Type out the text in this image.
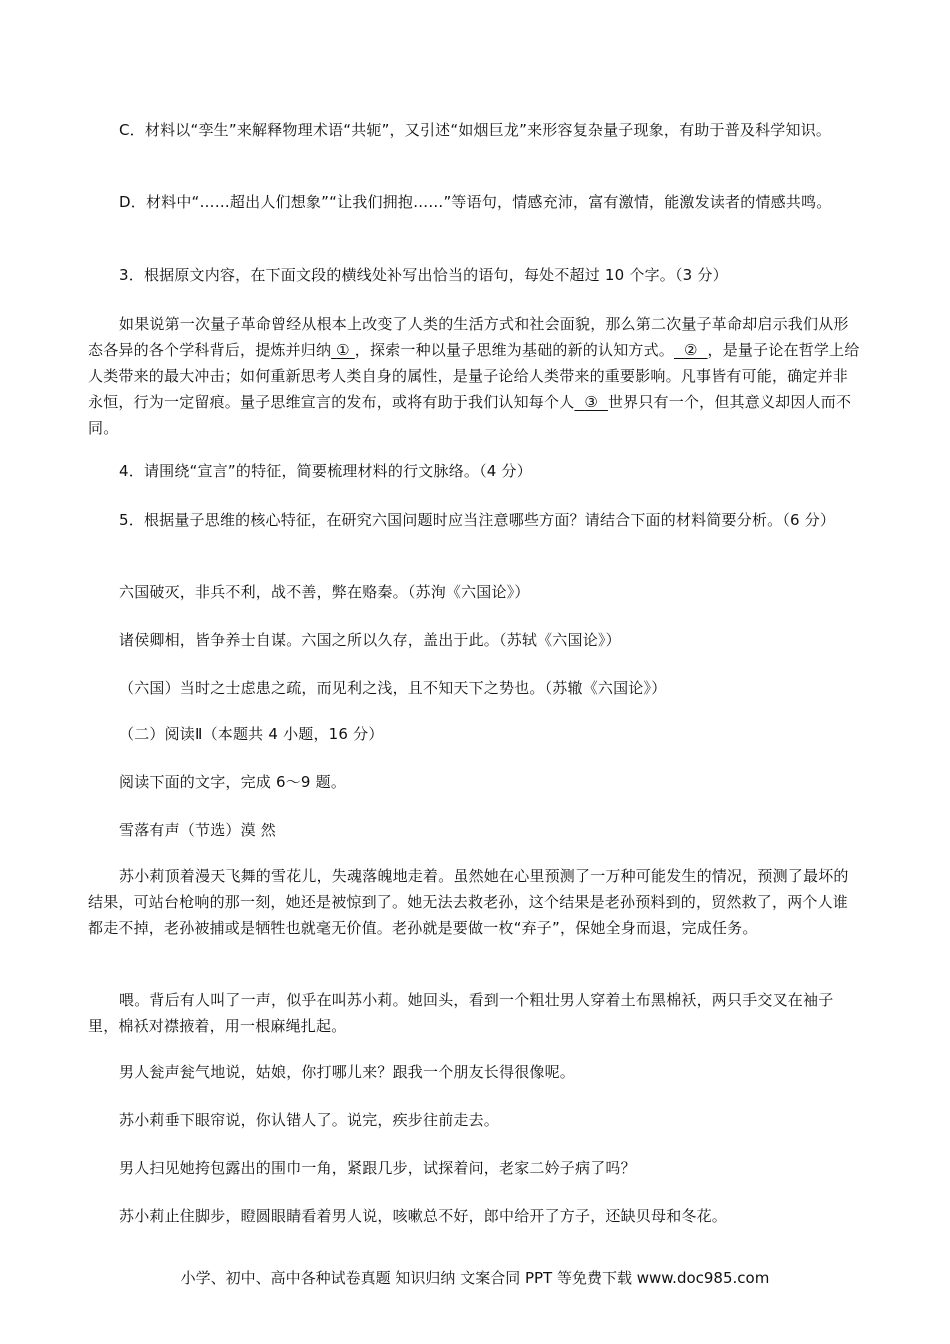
C．材料以“孪生”来解释物理术语“共轭”，又引述“如烟巨龙”来形容复杂量子现象，有助于普及科学知识。

D．材料中“……超出人们想象”“让我们拥抱……”等语句，情感充沛，富有激情，能激发读者的情感共鸣。

3．根据原文内容，在下面文段的横线处补写出恰当的语句，每处不超过 10 个字。（3 分）

如果说第一次量子革命曾经从根本上改变了人类的生活方式和社会面貌，那么第二次量子革命却启示我们从形态各异的各个学科背后，提炼并归纳 ① ，探索一种以量子思维为基础的新的认知方式。 ② ，是量子论在哲学上给人类带来的最大冲击；如何重新思考人类自身的属性，是量子论给人类带来的重要影响。凡事皆有可能，确定并非永恒，行为一定留痕。量子思维宣言的发布，或将有助于我们认知每个人 ③ 世界只有一个，但其意义却因人而不同。

4．请围绕“宣言”的特征，简要梳理材料的行文脉络。（4 分）

5．根据量子思维的核心特征，在研究六国问题时应当注意哪些方面？请结合下面的材料简要分析。（6 分）

六国破灭，非兵不利，战不善，弊在赂秦。（苏洵《六国论》）

诸侯卿相，皆争养士自谋。六国之所以久存，盖出于此。（苏轼《六国论》）

（六国）当时之士虑患之疏，而见利之浅，且不知天下之势也。（苏辙《六国论》）

（二）阅读Ⅱ（本题共 4 小题，16 分）

阅读下面的文字，完成 6～9 题。

雪落有声（节选）漠 然

苏小莉顶着漫天飞舞的雪花儿，失魂落魄地走着。虽然她在心里预测了一万种可能发生的情况，预测了最坏的结果，可站台枪响的那一刻，她还是被惊到了。她无法去救老孙，这个结果是老孙预料到的，贸然救了，两个人谁都走不掉，老孙被捕或是牺牲也就毫无价值。老孙就是要做一枚“弃子”，保她全身而退，完成任务。

喂。背后有人叫了一声，似乎在叫苏小莉。她回头，看到一个粗壮男人穿着土布黑棉袄，两只手交叉在袖子里，棉袄对襟掖着，用一根麻绳扎起。

男人瓮声瓮气地说，姑娘，你打哪儿来？跟我一个朋友长得很像呢。

苏小莉垂下眼帘说，你认错人了。说完，疾步往前走去。

男人扫见她挎包露出的围巾一角，紧跟几步，试探着问，老家二妗子病了吗？

苏小莉止住脚步，瞪圆眼睛看着男人说，咳嗽总不好，郎中给开了方子，还缺贝母和冬花。

小学、初中、高中各种试卷真题 知识归纳 文案合同 PPT 等免费下载 www.doc985.com
